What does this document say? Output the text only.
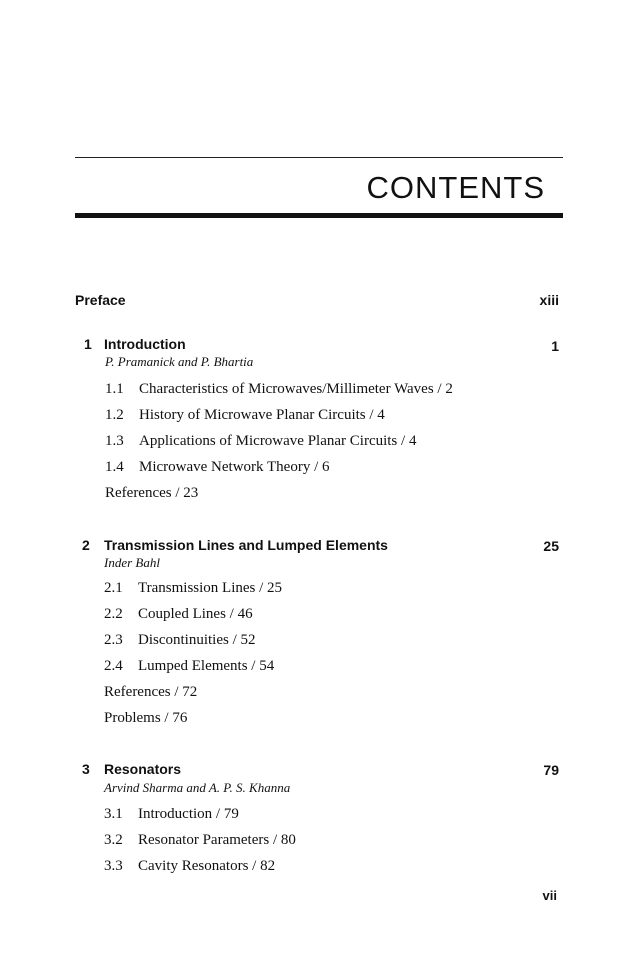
CONTENTS
Preface	xiii
1 Introduction	1
P. Pramanick and P. Bhartia
1.1 Characteristics of Microwaves/Millimeter Waves / 2
1.2 History of Microwave Planar Circuits / 4
1.3 Applications of Microwave Planar Circuits / 4
1.4 Microwave Network Theory / 6
References / 23
2 Transmission Lines and Lumped Elements	25
Inder Bahl
2.1 Transmission Lines / 25
2.2 Coupled Lines / 46
2.3 Discontinuities / 52
2.4 Lumped Elements / 54
References / 72
Problems / 76
3 Resonators	79
Arvind Sharma and A. P. S. Khanna
3.1 Introduction / 79
3.2 Resonator Parameters / 80
3.3 Cavity Resonators / 82
vii
